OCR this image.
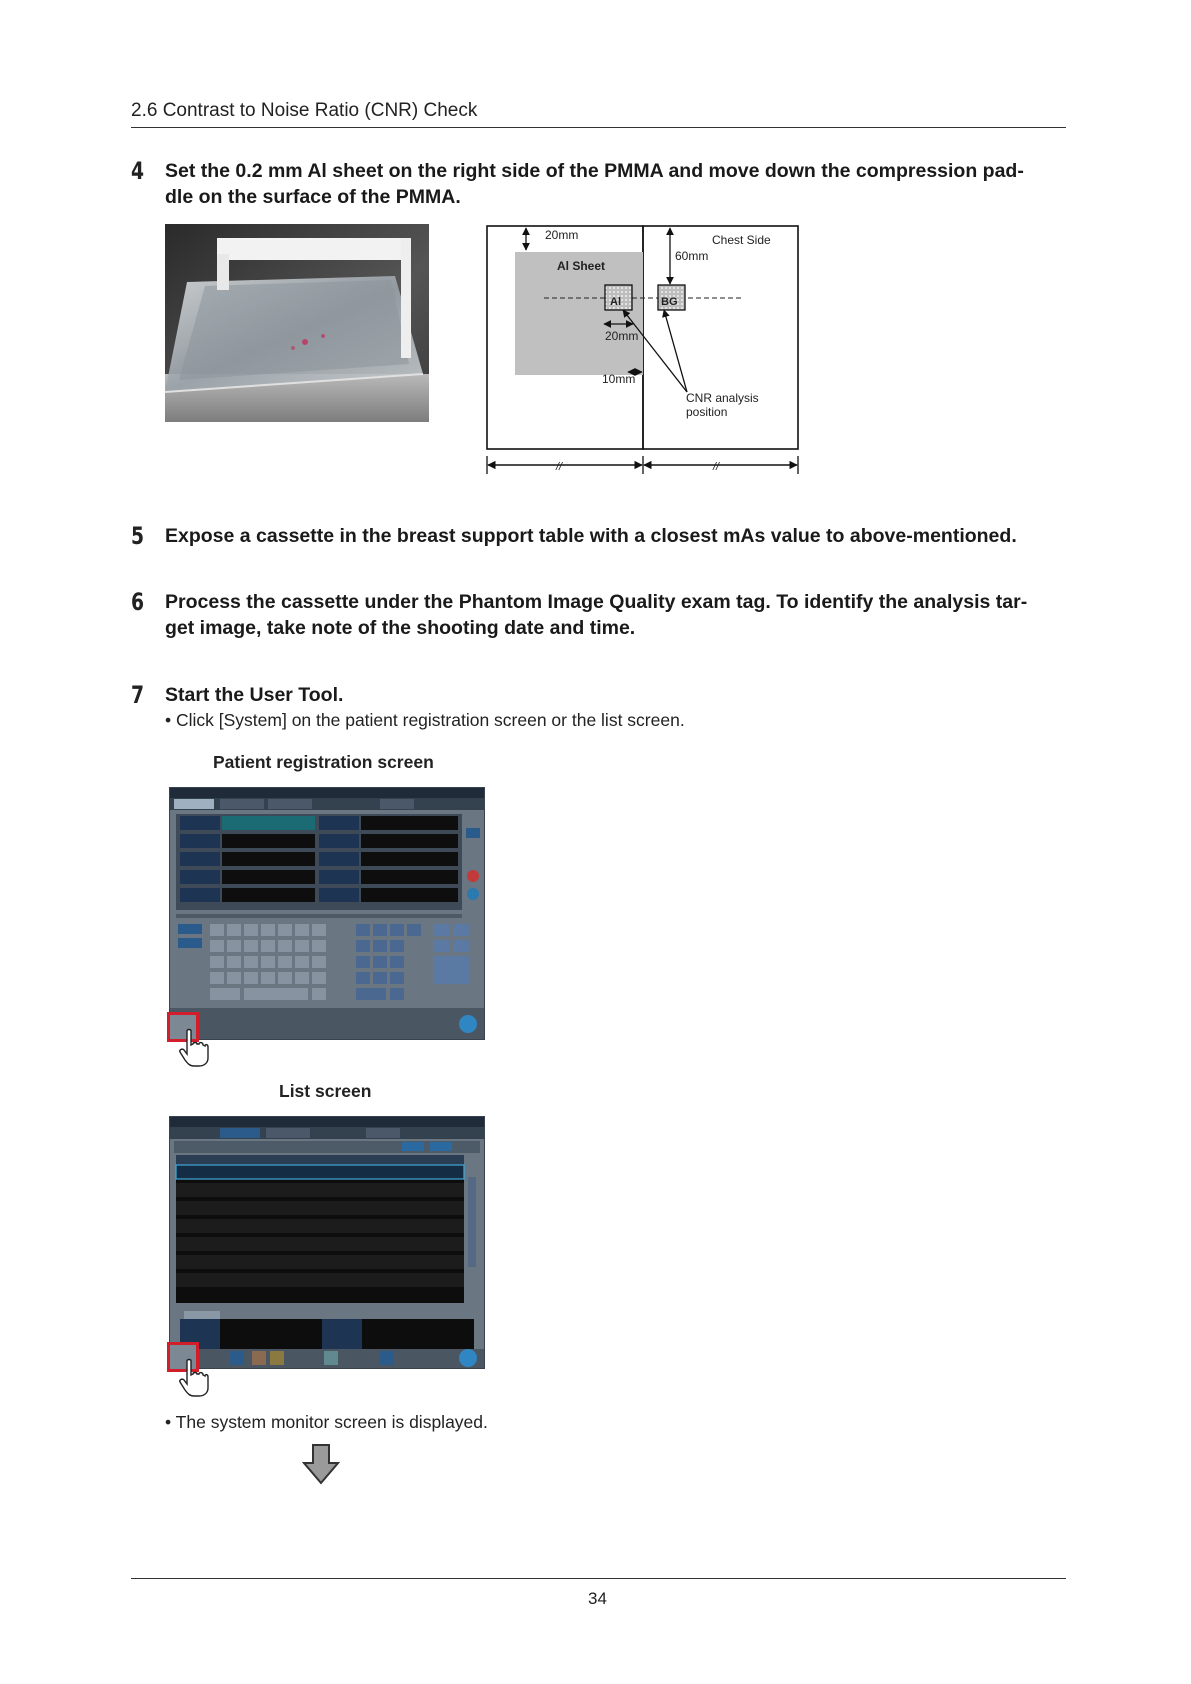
2.6 Contrast to Noise Ratio (CNR) Check
4 Set the 0.2 mm Al sheet on the right side of the PMMA and move down the compression pad-
dle on the surface of the PMMA.
20mm	Chest Side
60mm
Al Sheet
Al	BG
20mm
10mm
CNR analysis
position
//	//
5 Expose a cassette in the breast support table with a closest mAs value to above-mentioned.
6 Process the cassette under the Phantom Image Quality exam tag. To identify the analysis tar-
get image, take note of the shooting date and time.
7 Start the User Tool.
• Click [System] on the patient registration screen or the list screen.
Patient registration screen
List screen
• The system monitor screen is displayed.
34
